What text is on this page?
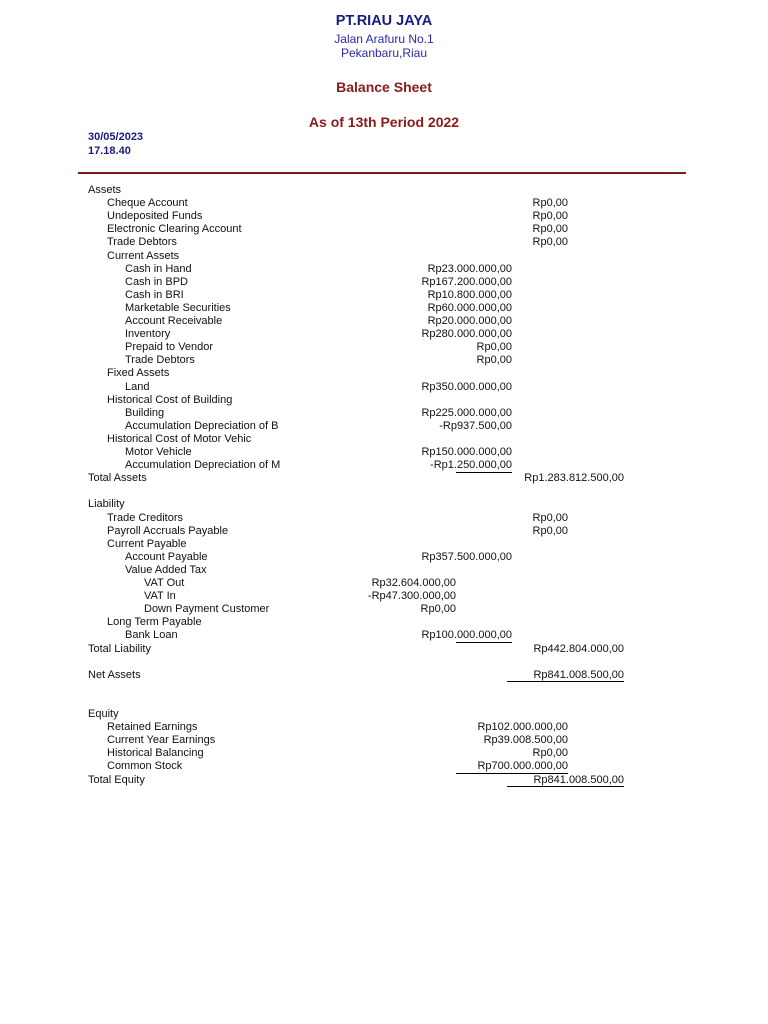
PT.RIAU JAYA
Jalan Arafuru No.1
Pekanbaru,Riau
Balance Sheet
As of 13th Period 2022
30/05/2023
17.18.40
Assets
Cheque Account	Rp0,00
Undeposited Funds	Rp0,00
Electronic Clearing Account	Rp0,00
Trade Debtors	Rp0,00
Current Assets
Cash in Hand	Rp23.000.000,00
Cash in BPD	Rp167.200.000,00
Cash in BRI	Rp10.800.000,00
Marketable Securities	Rp60.000.000,00
Account Receivable	Rp20.000.000,00
Inventory	Rp280.000.000,00
Prepaid to Vendor	Rp0,00
Trade Debtors	Rp0,00
Fixed Assets
Land	Rp350.000.000,00
Historical Cost of Building
Building	Rp225.000.000,00
Accumulation Depreciation of B	-Rp937.500,00
Historical Cost of Motor Vehic
Motor Vehicle	Rp150.000.000,00
Accumulation Depreciation of M	-Rp1.250.000,00
Total Assets	Rp1.283.812.500,00
Liability
Trade Creditors	Rp0,00
Payroll Accruals Payable	Rp0,00
Current Payable
Account Payable	Rp357.500.000,00
Value Added Tax
VAT Out	Rp32.604.000,00
VAT In	-Rp47.300.000,00
Down Payment Customer	Rp0,00
Long Term Payable
Bank Loan	Rp100.000.000,00
Total Liability	Rp442.804.000,00
Net Assets	Rp841.008.500,00
Equity
Retained Earnings	Rp102.000.000,00
Current Year Earnings	Rp39.008.500,00
Historical Balancing	Rp0,00
Common Stock	Rp700.000.000,00
Total Equity	Rp841.008.500,00
